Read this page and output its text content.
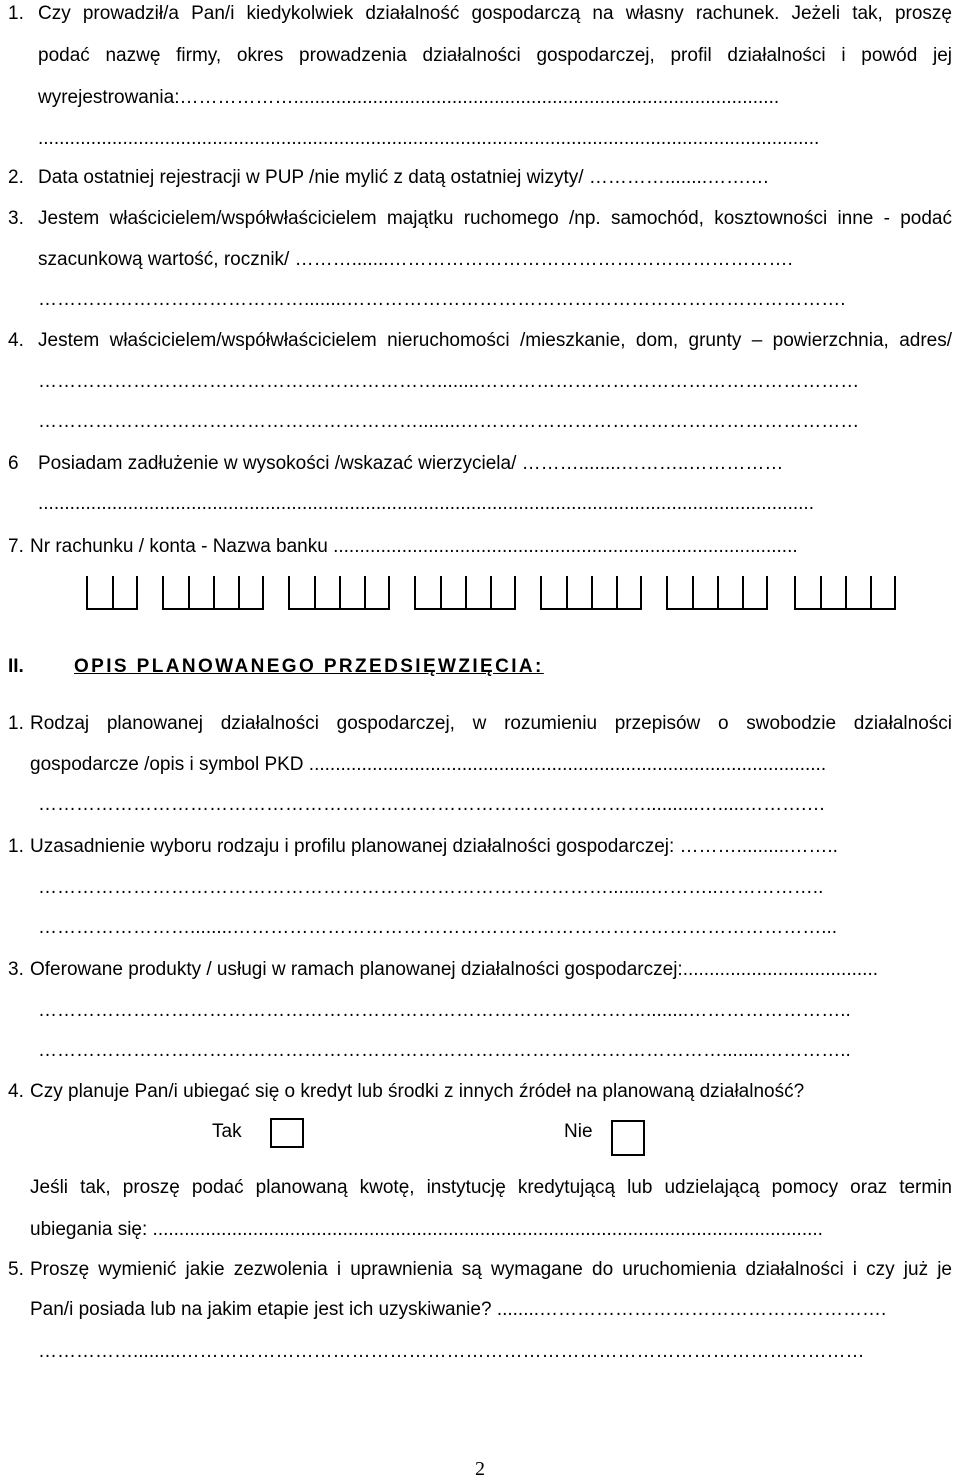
1. Czy prowadził/a Pan/i kiedykolwiek działalność gospodarczą na własny rachunek. Jeżeli tak, proszę
podać nazwę firmy, okres prowadzenia działalności gospodarczej, profil działalności i powód jej
wyrejestrowania:………………............................................................................................
....................................................................................................................................................
2. Data ostatniej rejestracji w PUP /nie mylić z datą ostatniej wizyty/ …………........…….…
3. Jestem właścicielem/współwłaścicielem majątku ruchomego /np. samochód, kosztowności inne - podać
szacunkową wartość, rocznik/ ……….......……………………………………………………….
……………………………………........…………………………………………………………………….
4. Jestem właścicielem/współwłaścicielem nieruchomości /mieszkanie, dom, grunty – powierzchnia, adres/
………………………………………………………........……………………………………………………
……………………………………………………........………………………………………………………
6 Posiadam zadłużenie w wysokości /wskazać wierzyciela/ ………........………..……………
...................................................................................................................................................
7. Nr rachunku / konta - Nazwa banku ........................................................................................
II.	OPIS PLANOWANEGO PRZEDSIĘWZIĘCIA:
1. Rodzaj planowanej działalności gospodarczej, w rozumieniu przepisów o swobodzie działalności
gospodarcze /opis i symbol PKD ..................................................................................................
……………………………………………………………………………………..........….....……….…
1. Uzasadnienie wyboru rodzaju i profilu planowanej działalności gospodarczej: ………..........……..
………………………………………………………………………………........………..……………..
……………………........…………………………………………………………………………………...
3. Oferowane produkty / usługi w ramach planowanej działalności gospodarczej:.....................................
……………………………………………………………………………………........……………………..
………………………………………………………………………………………………........…………..
4. Czy planuje Pan/i ubiegać się o kredyt lub środki z innych źródeł na planowaną działalność?
Tak	Nie
Jeśli tak, proszę podać planowaną kwotę, instytucję kredytującą lub udzielającą pomocy oraz termin
ubiegania się: ...............................................................................................................................
5. Proszę wymienić jakie zezwolenia i uprawnienia są wymagane do uruchomienia działalności i czy już je
Pan/i posiada lub na jakim etapie jest ich uzyskiwanie? ........……………………………………………….
…………….........………………………………………………………………………………………………
2
